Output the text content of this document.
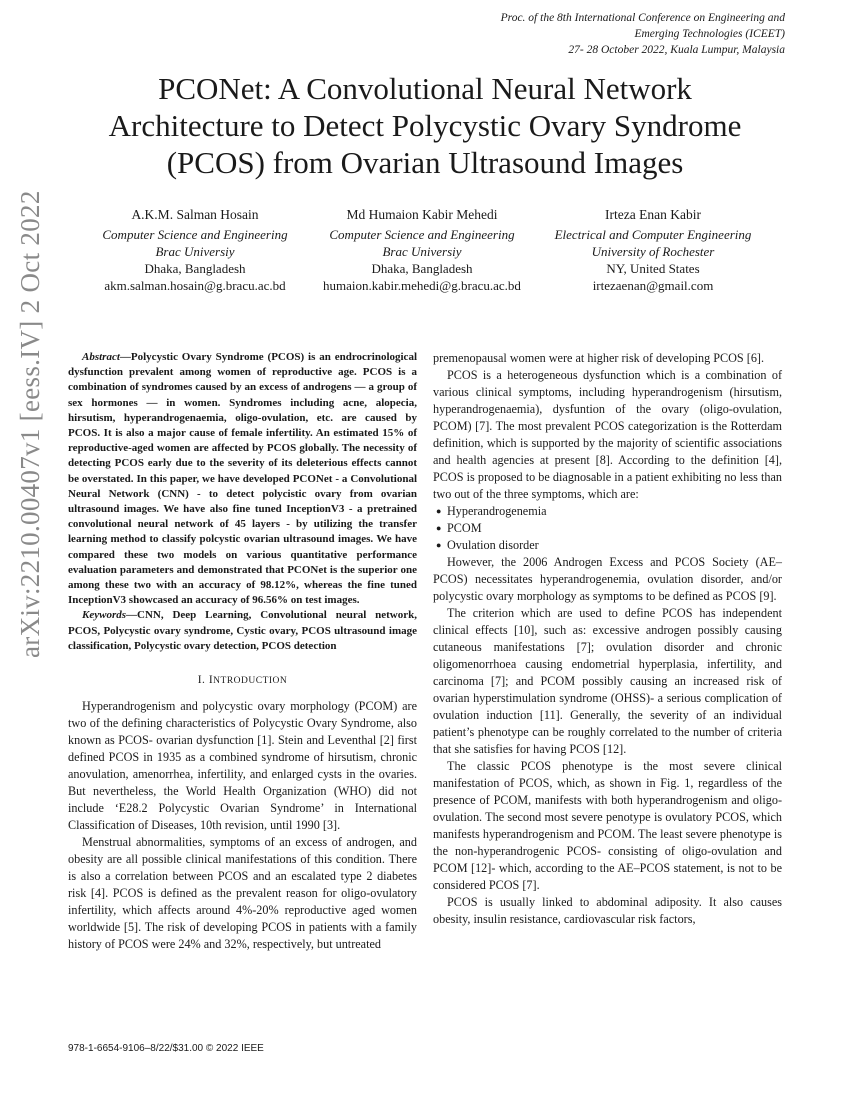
Proc. of the 8th International Conference on Engineering and
Emerging Technologies (ICEET)
27- 28 October 2022, Kuala Lumpur, Malaysia
PCONet: A Convolutional Neural Network
Architecture to Detect Polycystic Ovary Syndrome
(PCOS) from Ovarian Ultrasound Images
A.K.M. Salman Hosain
Computer Science and Engineering
Brac Universiy
Dhaka, Bangladesh
akm.salman.hosain@g.bracu.ac.bd
Md Humaion Kabir Mehedi
Computer Science and Engineering
Brac Universiy
Dhaka, Bangladesh
humaion.kabir.mehedi@g.bracu.ac.bd
Irteza Enan Kabir
Electrical and Computer Engineering
University of Rochester
NY, United States
irtezaenan@gmail.com
arXiv:2210.00407v1 [eess.IV] 2 Oct 2022	Abstract—Polycystic Ovary Syndrome (PCOS) is an endrocrinological dysfunction prevalent among women of reproductive age. PCOS is a combination of syndromes caused by an excess of androgens — a group of sex hormones — in women. Syndromes including acne, alopecia, hirsutism, hyperandrogenaemia, oligo-ovulation, etc. are caused by PCOS. It is also a major cause of female infertility. An estimated 15% of reproductive-aged women are affected by PCOS globally. The necessity of detecting PCOS early due to the severity of its deleterious effects cannot be overstated. In this paper, we have developed PCONet - a Convolutional Neural Network (CNN) - to detect polycistic ovary from ovarian ultrasound images. We have also fine tuned InceptionV3 - a pretrained convolutional neural network of 45 layers - by utilizing the transfer learning method to classify polcystic ovarian ultrasound images. We have compared these two models on various quantitative performance evaluation parameters and demonstrated that PCONet is the superior one among these two with an accuracy of 98.12%, whereas the fine tuned InceptionV3 showcased an accuracy of 96.56% on test images.

Keywords—CNN, Deep Learning, Convolutional neural network, PCOS, Polycystic ovary syndrome, Cystic ovary, PCOS ultrasound image classification, Polycystic ovary detection, PCOS detection

I. INTRODUCTION

Hyperandrogenism and polycystic ovary morphology (PCOM) are two of the defining characteristics of Polycystic Ovary Syndrome, also known as PCOS- ovarian dysfunction [1]. Stein and Leventhal [2] first defined PCOS in 1935 as a combined syndrome of hirsutism, chronic anovulation, amenorrhea, infertility, and enlarged cysts in the ovaries. But nevertheless, the World Health Organization (WHO) did not include ‘E28.2 Polycystic Ovarian Syndrome’ in International Classification of Diseases, 10th revision, until 1990 [3].

Menstrual abnormalities, symptoms of an excess of androgen, and obesity are all possible clinical manifestations of this condition. There is also a correlation between PCOS and an escalated type 2 diabetes risk [4]. PCOS is defined as the prevalent reason for oligo-ovulatory infertility, which affects around 4%-20% reproductive aged women worldwide [5]. The risk of developing PCOS in patients with a family history of PCOS were 24% and 32%, respectively, but untreated

premenopausal women were at higher risk of developing PCOS [6].

PCOS is a heterogeneous dysfunction which is a combination of various clinical symptoms, including hyperandrogenism (hirsutism, hyperandrogenaemia), dysfuntion of the ovary (oligo-ovulation, PCOM) [7]. The most prevalent PCOS categorization is the Rotterdam definition, which is supported by the majority of scientific associations and health agencies at present [8]. According to the definition [4], PCOS is proposed to be diagnosable in a patient exhibiting no less than two out of the three symptoms, which are:

● Hyperandrogenemia
● PCOM
● Ovulation disorder

However, the 2006 Androgen Excess and PCOS Society (AE–PCOS) necessitates hyperandrogenemia, ovulation disorder, and/or polycystic ovary morphology as symptoms to be defined as PCOS [9].

The criterion which are used to define PCOS has independent clinical effects [10], such as: excessive androgen possibly causing cutaneous manifestations [7]; ovulation disorder and chronic oligomenorrhoea causing endometrial hyperplasia, infertility, and carcinoma [7]; and PCOM possibly causing an increased risk of ovarian hyperstimulation syndrome (OHSS)- a serious complication of ovulation induction [11]. Generally, the severity of an individual patient’s phenotype can be roughly correlated to the number of criteria that she satisfies for having PCOS [12].

The classic PCOS phenotype is the most severe clinical manifestation of PCOS, which, as shown in Fig. 1, regardless of the presence of PCOM, manifests with both hyperandrogenism and oligo-ovulation. The second most severe penotype is ovulatory PCOS, which manifests hyperandrogenism and PCOM. The least severe phenotype is the non-hyperandrogenic PCOS- consisting of oligo-ovulation and PCOM [12]- which, according to the AE–PCOS statement, is not to be considered PCOS [7].

PCOS is usually linked to abdominal adiposity. It also causes obesity, insulin resistance, cardiovascular risk factors,

978-1-6654-9106–8/22/$31.00 © 2022 IEEE
